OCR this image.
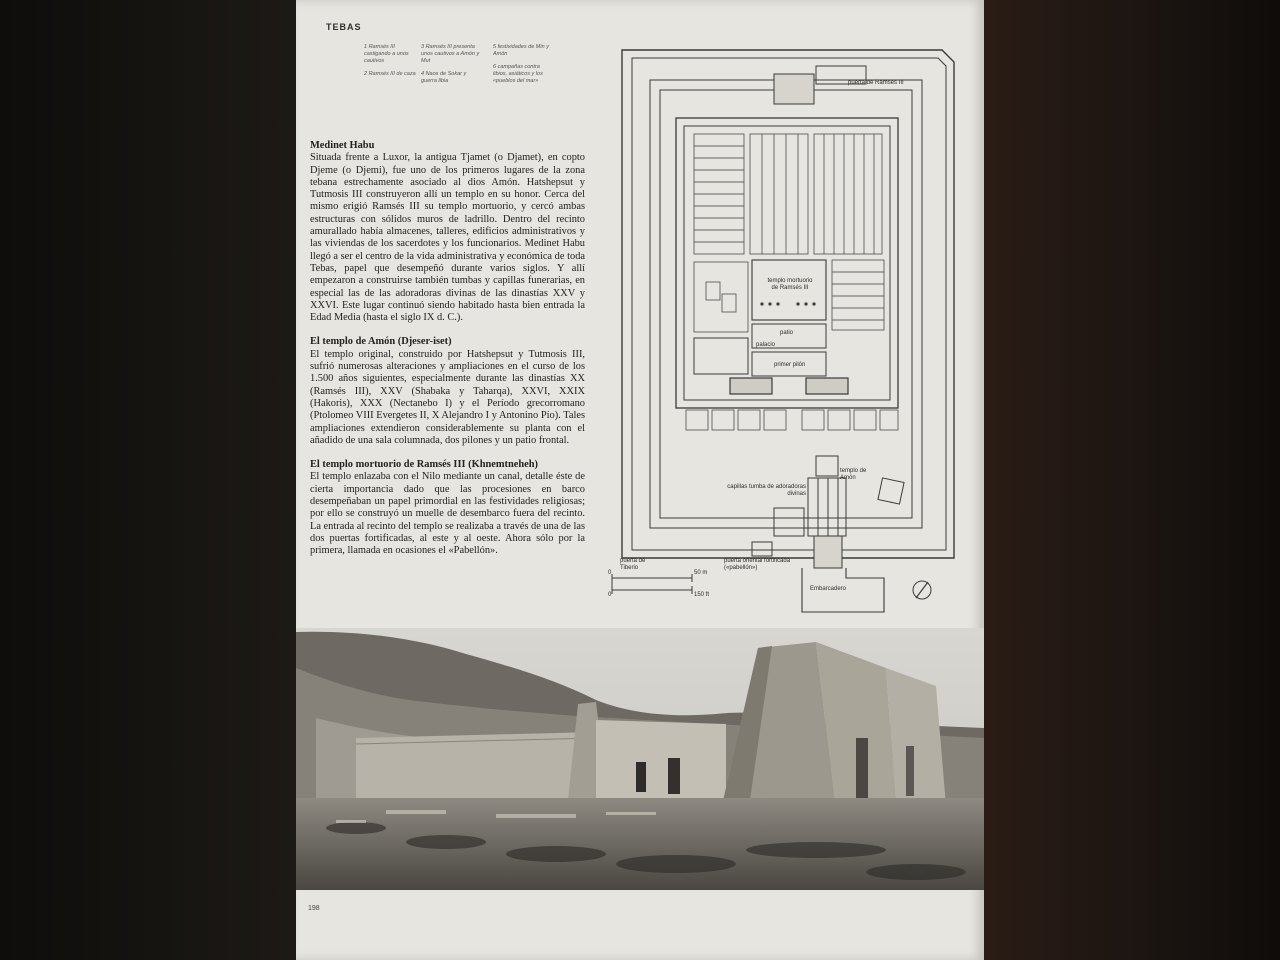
TEBAS
1 Ramsés III castigando a unos cautivos
2 Ramsés III de caza
3 Ramsés III presenta unos cautivos a Amón y Mut
4 Naos de Sokar y guerra libia
5 festividades de Min y Amón
6 campañas contra libios, asiáticos y los «pueblos del mar»
Medinet Habu

Situada frente a Luxor, la antigua Tjamet (o Djamet), en copto Djeme (o Djemi), fue uno de los primeros lugares de la zona tebana estrechamente asociado al dios Amón. Hatshepsut y Tutmosis III construyeron allí un templo en su honor. Cerca del mismo erigió Ramsés III su templo mortuorio, y cercó ambas estructuras con sólidos muros de ladrillo. Dentro del recinto amurallado había almacenes, talleres, edificios administrativos y las viviendas de los sacerdotes y los funcionarios. Medinet Habu llegó a ser el centro de la vida administrativa y económica de toda Tebas, papel que desempeñó durante varios siglos. Y allí empezaron a construirse también tumbas y capillas funerarias, en especial las de las adoradoras divinas de las dinastías XXV y XXVI. Este lugar continuó siendo habitado hasta bien entrada la Edad Media (hasta el siglo IX d. C.).

El templo de Amón (Djeser-iset)

El templo original, construido por Hatshepsut y Tutmosis III, sufrió numerosas alteraciones y ampliaciones en el curso de los 1.500 años siguientes, especialmente durante las dinastías XX (Ramsés III), XXV (Shabaka y Taharqa), XXVI, XXIX (Hakoris), XXX (Nectanebo I) y el Período grecorromano (Ptolomeo VIII Evergetes II, X Alejandro I y Antonino Pío). Tales ampliaciones extendieron considerablemente su planta con el añadido de una sala columnada, dos pilones y un patio frontal.

El templo mortuorio de Ramsés III (Khnemtneheh)

El templo enlazaba con el Nilo mediante un canal, detalle éste de cierta importancia dado que las procesiones en barco desempeñaban un papel primordial en las festividades religiosas; por ello se construyó un muelle de desembarco fuera del recinto. La entrada al recinto del templo se realizaba a través de una de las dos puertas fortificadas, al este y al oeste. Ahora sólo por la primera, llamada en ocasiones el «Pabellón».

puerta de Ramsés III
templo mortuorio de Ramsés III
patio
palacio
primer pilón
templo de Amón
capillas tumba de adoradoras divinas
puerta de Tiberio
puerta oriental fortificada («pabellón»)
Embarcadero
0
0
50 m
150 ft
198
